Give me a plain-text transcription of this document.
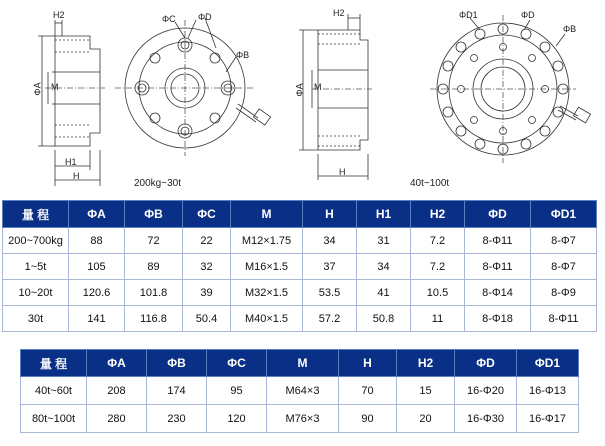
H2
ΦA M
H1
H
ΦD
ΦC
ΦB
200kg~30t
H2
ΦA M
H
ΦD1	ΦD
ΦB
40t~100t
量 程	ΦA	ΦB	ΦC	M	H	H1	H2	ΦD	ΦD1
200~700kg	88	72	22	M12×1.75	34	31	7.2	8-Φ11	8-Φ7
1~5t	105	89	32	M16×1.5	37	34	7.2	8-Φ11	8-Φ7
10~20t	120.6	101.8	39	M32×1.5	53.5	41	10.5	8-Φ14	8-Φ9
30t	141	116.8	50.4	M40×1.5	57.2	50.8	11	8-Φ18	8-Φ11
量 程	ΦA	ΦB	ΦC	M	H	H2	ΦD	ΦD1
40t~60t	208	174	95	M64×3	70	15	16-Φ20	16-Φ13
80t~100t	280	230	120	M76×3	90	20	16-Φ30	16-Φ17
